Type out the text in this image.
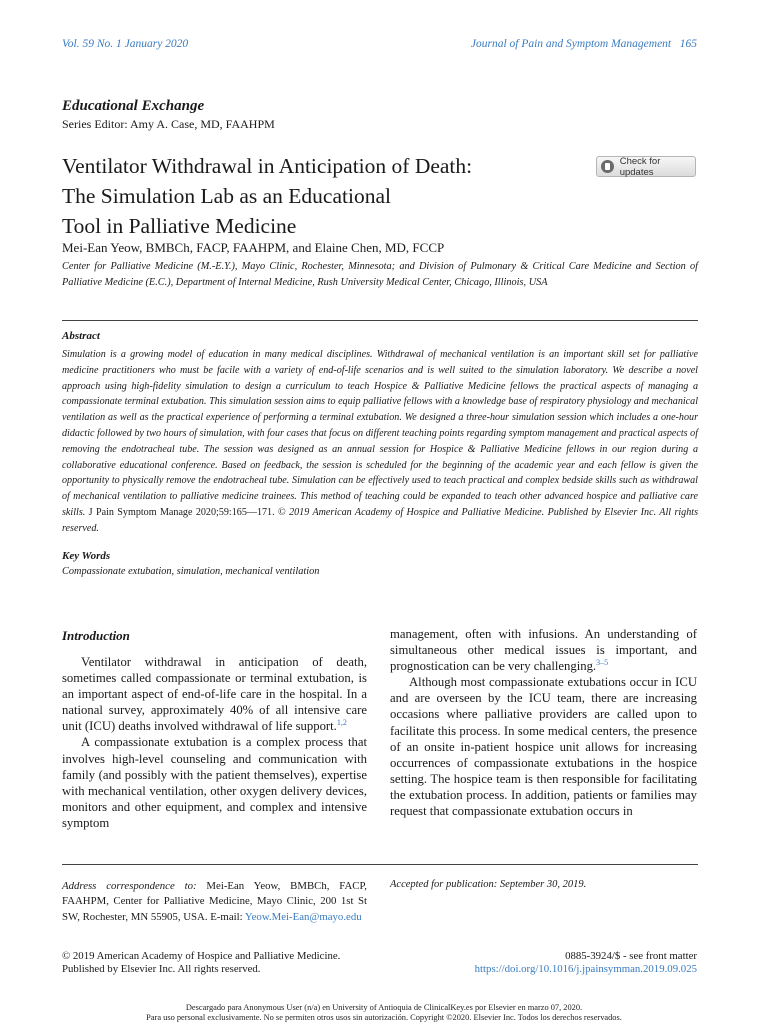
Vol. 59 No. 1 January 2020	Journal of Pain and Symptom Management   165
Educational Exchange
Series Editor: Amy A. Case, MD, FAAHPM
Ventilator Withdrawal in Anticipation of Death:
The Simulation Lab as an Educational
Tool in Palliative Medicine
Check for updates
Mei-Ean Yeow, BMBCh, FACP, FAAHPM, and Elaine Chen, MD, FCCP
Center for Palliative Medicine (M.-E.Y.), Mayo Clinic, Rochester, Minnesota; and Division of Pulmonary & Critical Care Medicine and Section of Palliative Medicine (E.C.), Department of Internal Medicine, Rush University Medical Center, Chicago, Illinois, USA
Abstract
Simulation is a growing model of education in many medical disciplines. Withdrawal of mechanical ventilation is an important skill set for palliative medicine practitioners who must be facile with a variety of end-of-life scenarios and is well suited to the simulation laboratory. We describe a novel approach using high-fidelity simulation to design a curriculum to teach Hospice & Palliative Medicine fellows the practical aspects of managing a compassionate terminal extubation. This simulation session aims to equip palliative fellows with a knowledge base of respiratory physiology and mechanical ventilation as well as the practical experience of performing a terminal extubation. We designed a three-hour simulation session which includes a one-hour didactic followed by two hours of simulation, with four cases that focus on different teaching points regarding symptom management and practical aspects of removing the endotracheal tube. The session was designed as an annual session for Hospice & Palliative Medicine fellows in our region during a collaborative educational conference. Based on feedback, the session is scheduled for the beginning of the academic year and each fellow is given the opportunity to physically remove the endotracheal tube. Simulation can be effectively used to teach practical and complex bedside skills such as withdrawal of mechanical ventilation to palliative medicine trainees. This method of teaching could be expanded to teach other advanced hospice and palliative care skills. J Pain Symptom Manage 2020;59:165—171. © 2019 American Academy of Hospice and Palliative Medicine. Published by Elsevier Inc. All rights reserved.
Key Words
Compassionate extubation, simulation, mechanical ventilation
Introduction

Ventilator withdrawal in anticipation of death, sometimes called compassionate or terminal extubation, is an important aspect of end-of-life care in the hospital. In a national survey, approximately 40% of all intensive care unit (ICU) deaths involved withdrawal of life support.$^{1,2}$

A compassionate extubation is a complex process that involves high-level counseling and communication with family (and possibly with the patient themselves), expertise with mechanical ventilation, other oxygen delivery devices, monitors and other equipment, and complex and intensive symptom

management, often with infusions. An understanding of simultaneous other medical issues is important, and prognostication can be very challenging.$^{3-5}$

Although most compassionate extubations occur in ICU and are overseen by the ICU team, there are increasing occasions where palliative providers are called upon to facilitate this process. In some medical centers, the presence of an onsite in-patient hospice unit allows for increasing occurrences of compassionate extubations in the hospice setting. The hospice team is then responsible for facilitating the extubation process. In addition, patients or families may request that compassionate extubation occurs in

Address correspondence to: Mei-Ean Yeow, BMBCh, FACP, FAAHPM, Center for Palliative Medicine, Mayo Clinic, 200 1st St SW, Rochester, MN 55905, USA. E-mail: Yeow.Mei-Ean@mayo.edu
Accepted for publication: September 30, 2019.
© 2019 American Academy of Hospice and Palliative Medicine.
Published by Elsevier Inc. All rights reserved.
0885-3924/$ - see front matter
https://doi.org/10.1016/j.jpainsymman.2019.09.025
Descargado para Anonymous User (n/a) en University of Antioquia de ClinicalKey.es por Elsevier en marzo 07, 2020.
Para uso personal exclusivamente. No se permiten otros usos sin autorización. Copyright ©2020. Elsevier Inc. Todos los derechos reservados.
